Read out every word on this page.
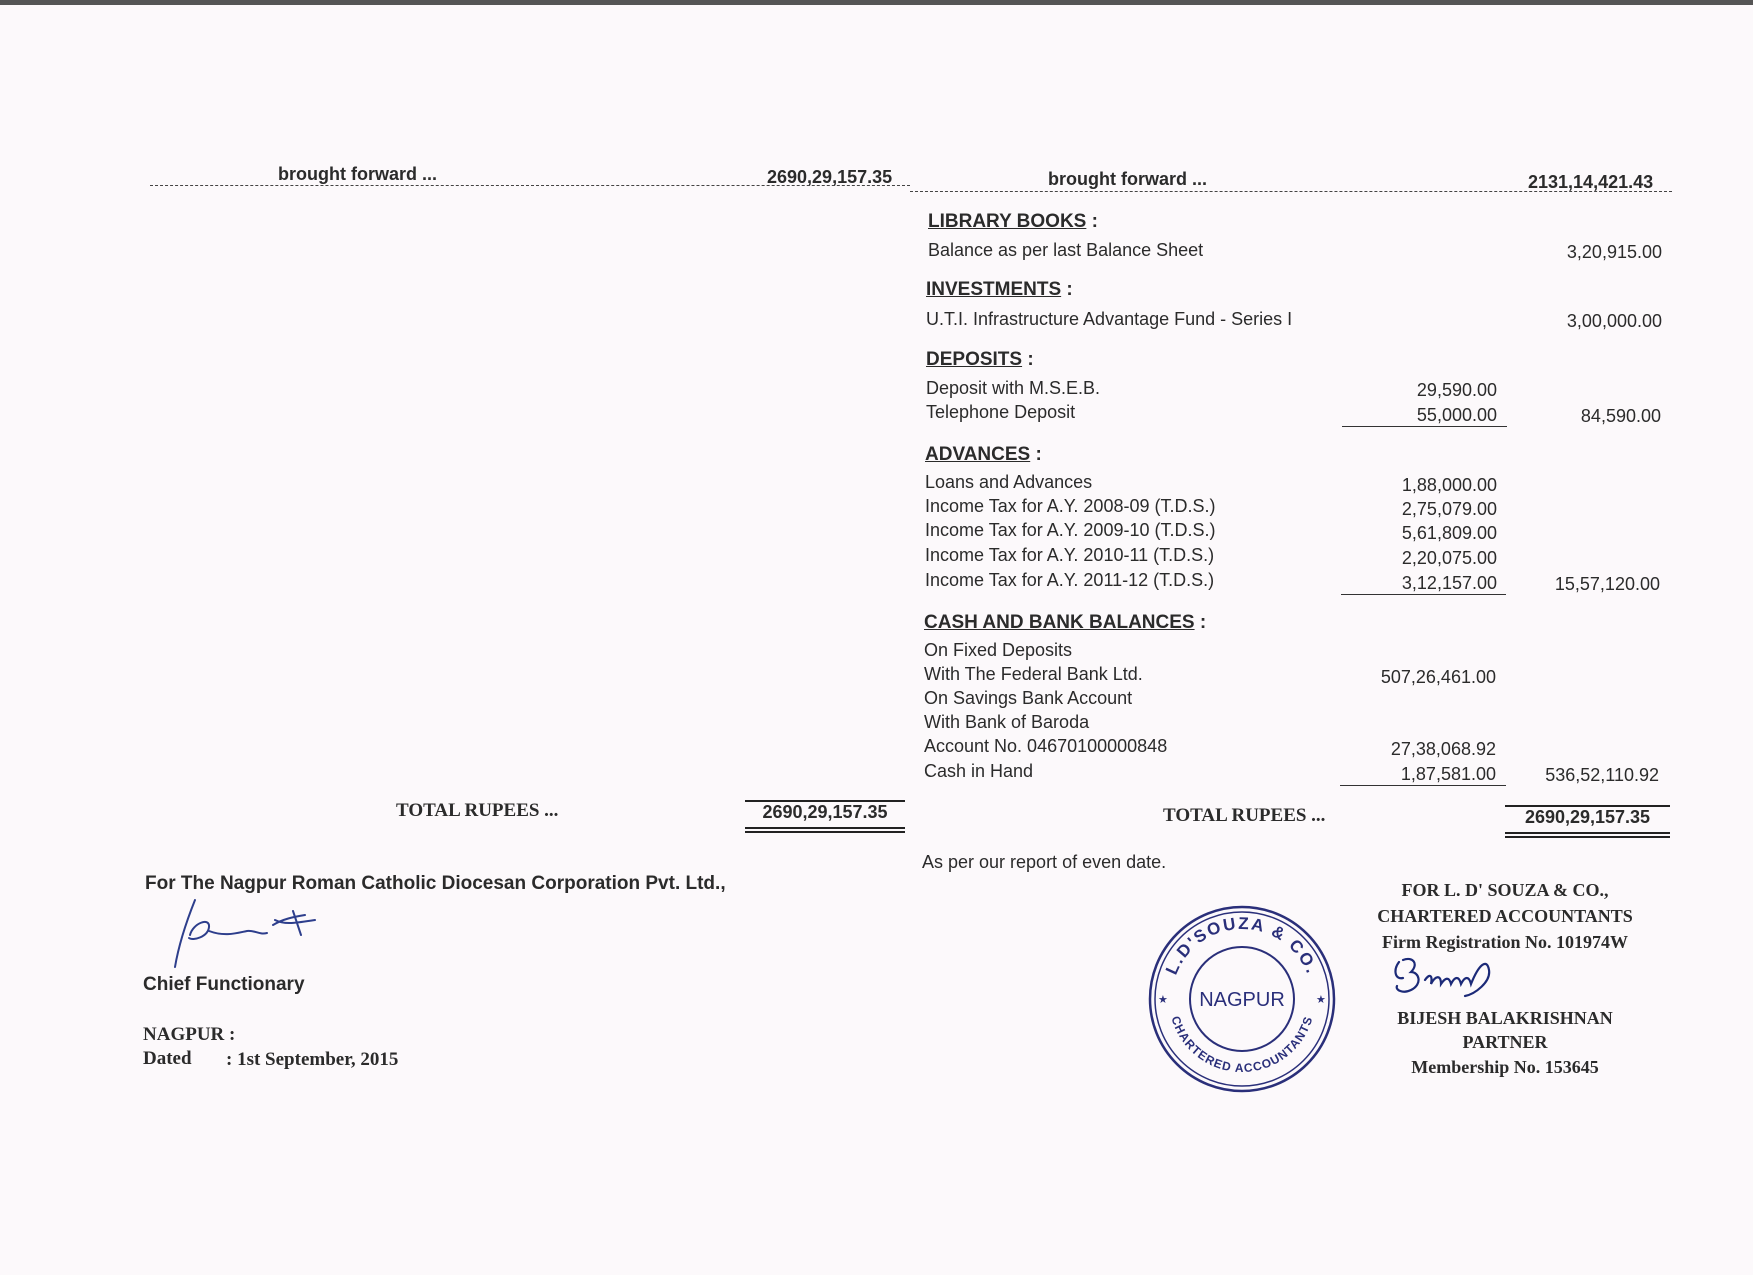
brought forward ...	2690,29,157.35	brought forward ...	2131,14,421.43
LIBRARY BOOKS :
Balance as per last Balance Sheet	3,20,915.00
INVESTMENTS :
U.T.I. Infrastructure Advantage Fund - Series I	3,00,000.00
DEPOSITS :
Deposit with M.S.E.B.	29,590.00
Telephone Deposit	55,000.00	84,590.00
ADVANCES :
Loans and Advances	1,88,000.00
Income Tax for A.Y. 2008-09 (T.D.S.)	2,75,079.00
Income Tax for A.Y. 2009-10 (T.D.S.)	5,61,809.00
Income Tax for A.Y. 2010-11 (T.D.S.)	2,20,075.00
Income Tax for A.Y. 2011-12 (T.D.S.)	3,12,157.00	15,57,120.00
CASH AND BANK BALANCES :
On Fixed Deposits
With The Federal Bank Ltd.	507,26,461.00
On Savings Bank Account
With Bank of Baroda
Account No. 04670100000848	27,38,068.92
Cash in Hand	1,87,581.00	536,52,110.92
TOTAL RUPEES ...	2690,29,157.35	TOTAL RUPEES ...	2690,29,157.35
As per our report of even date.
For The Nagpur Roman Catholic Diocesan Corporation Pvt. Ltd.,
Chief Functionary
NAGPUR :
Dated : 1st September, 2015
L.D'SOUZA & CO.
CHARTERED ACCOUNTANTS
NAGPUR
★	★
FOR L. D' SOUZA & CO.,
CHARTERED ACCOUNTANTS
Firm Registration No. 101974W
BIJESH BALAKRISHNAN
PARTNER
Membership No. 153645
